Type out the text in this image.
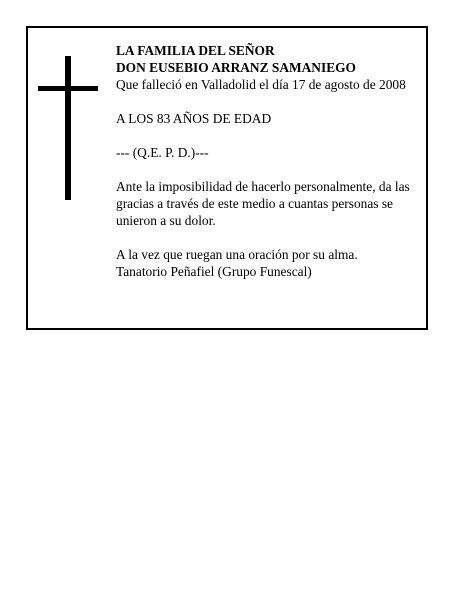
LA FAMILIA DEL SEÑOR

DON EUSEBIO ARRANZ SAMANIEGO

Que falleció en Valladolid el día 17 de agosto de 2008

A LOS 83 AÑOS DE EDAD

--- (Q.E. P. D.)---

Ante la imposibilidad de hacerlo personalmente, da las gracias a través de este medio a cuantas personas se unieron a su dolor.

A la vez que ruegan una oración por su alma.

Tanatorio Peñafiel (Grupo Funescal)
